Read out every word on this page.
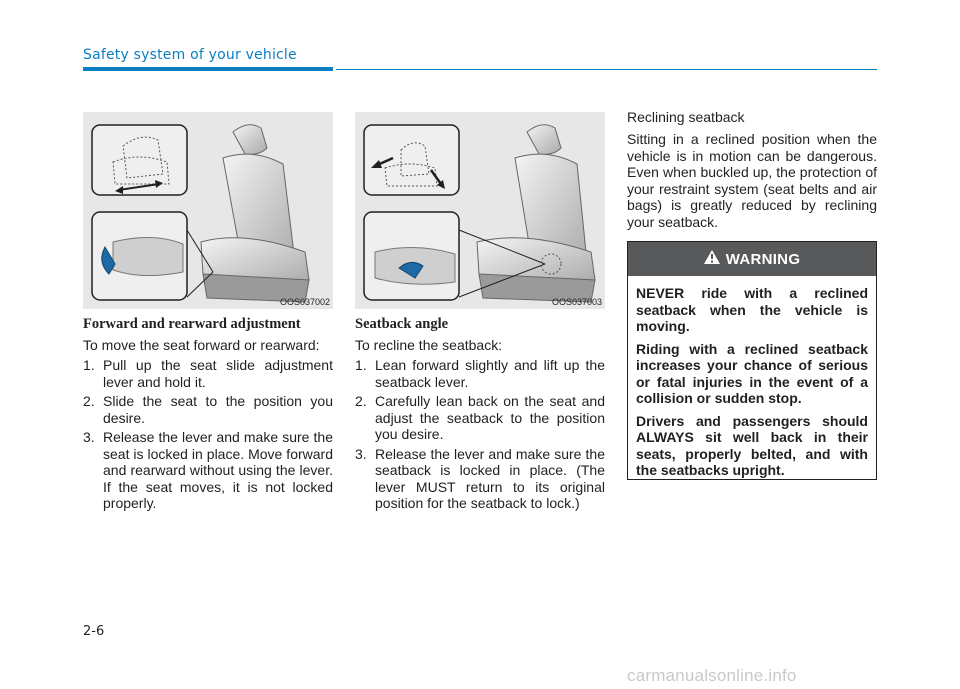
Safety system of your vehicle
OOS037002	OOS037003
Forward and rearward adjustment

To move the seat forward or rearward:

1. Pull up the seat slide adjustment lever and hold it.
2. Slide the seat to the position you desire.
3. Release the lever and make sure the seat is locked in place. Move forward and rearward without using the lever. If the seat moves, it is not locked properly.
Seatback angle

To recline the seatback:

1. Lean forward slightly and lift up the seatback lever.
2. Carefully lean back on the seat and adjust the seatback to the position you desire.
3. Release the lever and make sure the seatback is locked in place. (The lever MUST return to its original position for the seatback to lock.)
Reclining seatback

Sitting in a reclined position when the vehicle is in motion can be dangerous. Even when buckled up, the protection of your restraint system (seat belts and air bags) is greatly reduced by reclining your seatback.

WARNING

NEVER ride with a reclined seatback when the vehicle is moving.

Riding with a reclined seatback increases your chance of serious or fatal injuries in the event of a collision or sudden stop.

Drivers and passengers should ALWAYS sit well back in their seats, properly belted, and with the seatbacks upright.

2-6
carmanualsonline.info
